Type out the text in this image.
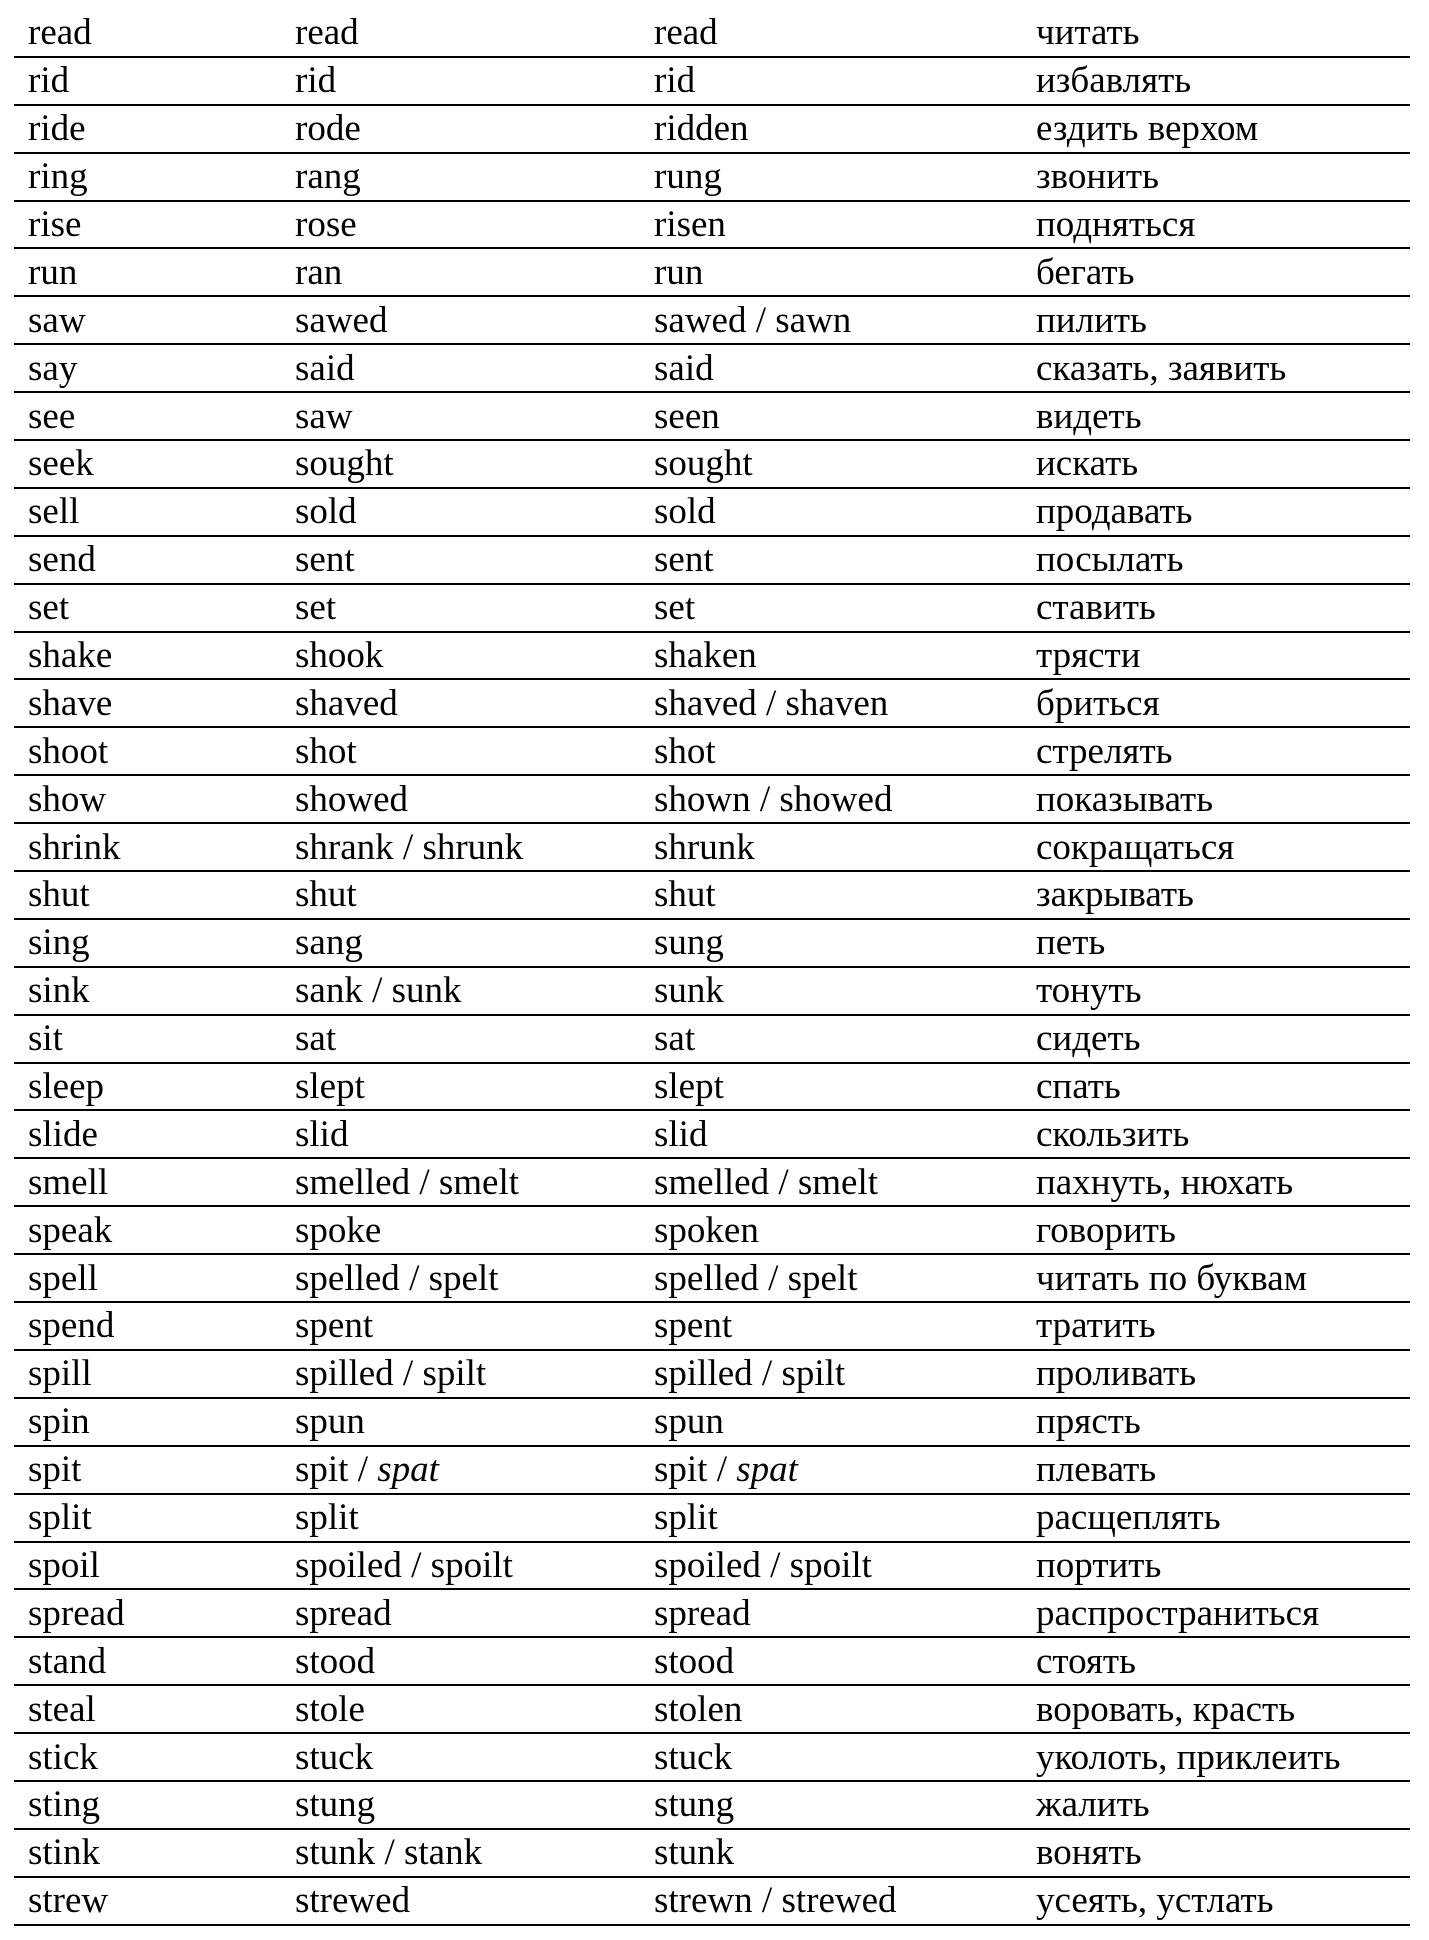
read	read	read	читать
rid	rid	rid	избавлять
ride	rode	ridden	ездить верхом
ring	rang	rung	звонить
rise	rose	risen	подняться
run	ran	run	бегать
saw	sawed	sawed / sawn	пилить
say	said	said	сказать, заявить
see	saw	seen	видеть
seek	sought	sought	искать
sell	sold	sold	продавать
send	sent	sent	посылать
set	set	set	ставить
shake	shook	shaken	трясти
shave	shaved	shaved / shaven	бриться
shoot	shot	shot	стрелять
show	showed	shown / showed	показывать
shrink	shrank / shrunk	shrunk	сокращаться
shut	shut	shut	закрывать
sing	sang	sung	петь
sink	sank / sunk	sunk	тонуть
sit	sat	sat	сидеть
sleep	slept	slept	спать
slide	slid	slid	скользить
smell	smelled / smelt	smelled / smelt	пахнуть, нюхать
speak	spoke	spoken	говорить
spell	spelled / spelt	spelled / spelt	читать по буквам
spend	spent	spent	тратить
spill	spilled / spilt	spilled / spilt	проливать
spin	spun	spun	прясть
spit	spit / spat	spit / spat	плевать
split	split	split	расщеплять
spoil	spoiled / spoilt	spoiled / spoilt	портить
spread	spread	spread	распространиться
stand	stood	stood	стоять
steal	stole	stolen	воровать, красть
stick	stuck	stuck	уколоть, приклеить
sting	stung	stung	жалить
stink	stunk / stank	stunk	вонять
strew	strewed	strewn / strewed	усеять, устлать
